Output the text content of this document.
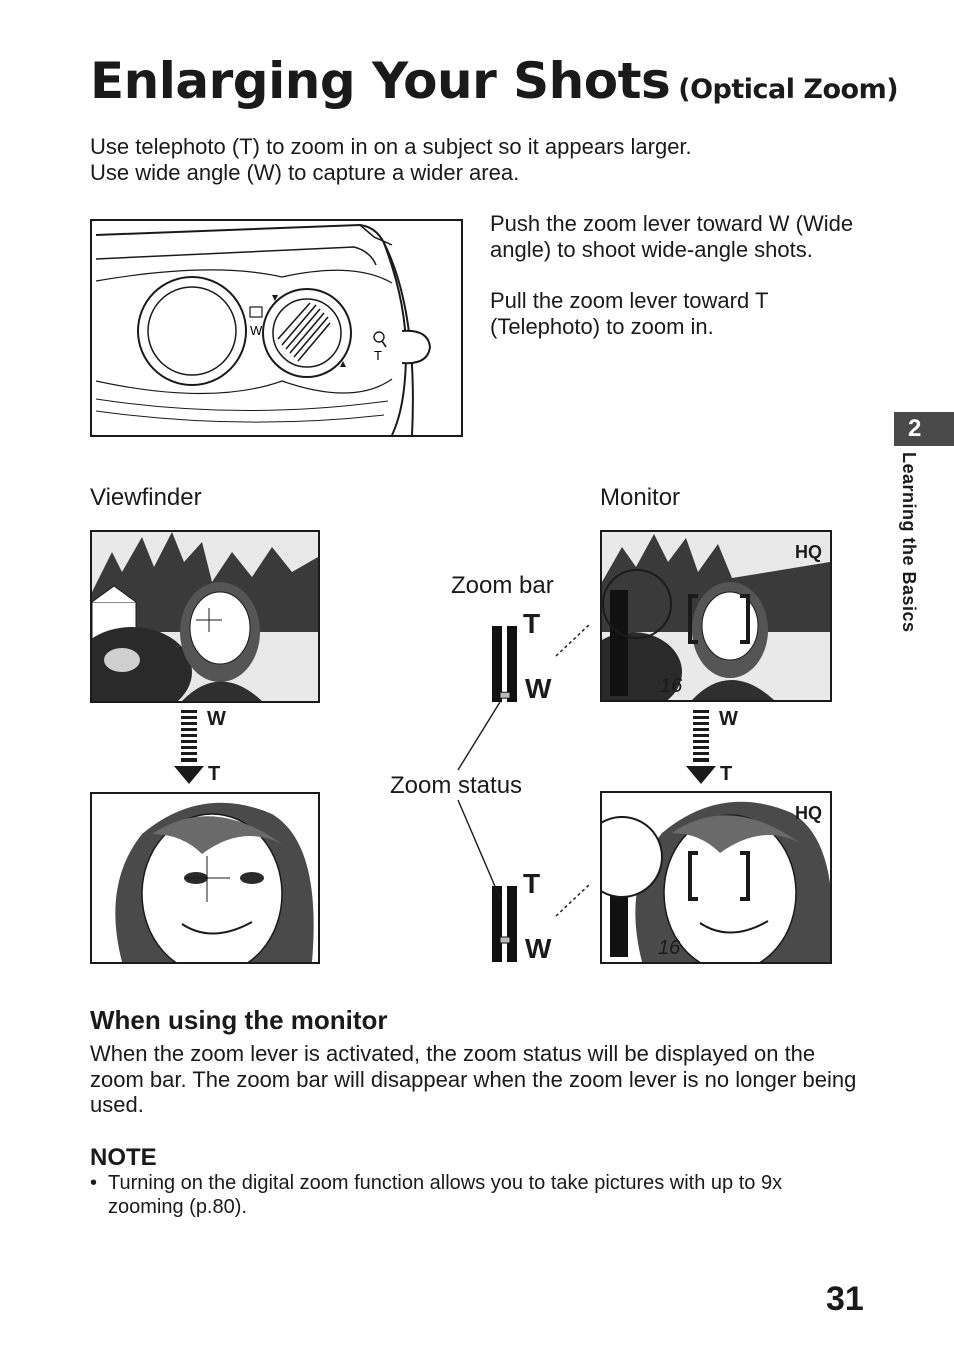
Enlarging Your Shots (Optical Zoom)
Use telephoto (T) to zoom in on a subject so it appears larger.
Use wide angle (W) to capture a wider area.
W
T

Push the zoom lever toward W (Wide angle) to shoot wide-angle shots.

Pull the zoom lever toward T (Telephoto) to zoom in.

2
Learning the Basics
Viewfinder	Monitor
Zoom bar
Zoom status
HQ
16
HQ
16
T
W
T
W
W
T
W
T
When using the monitor
When the zoom lever is activated, the zoom status will be displayed on the zoom bar. The zoom bar will disappear when the zoom lever is no longer being used.
NOTE
• Turning on the digital zoom function allows you to take pictures with up to 9x zooming (p.80).
31
